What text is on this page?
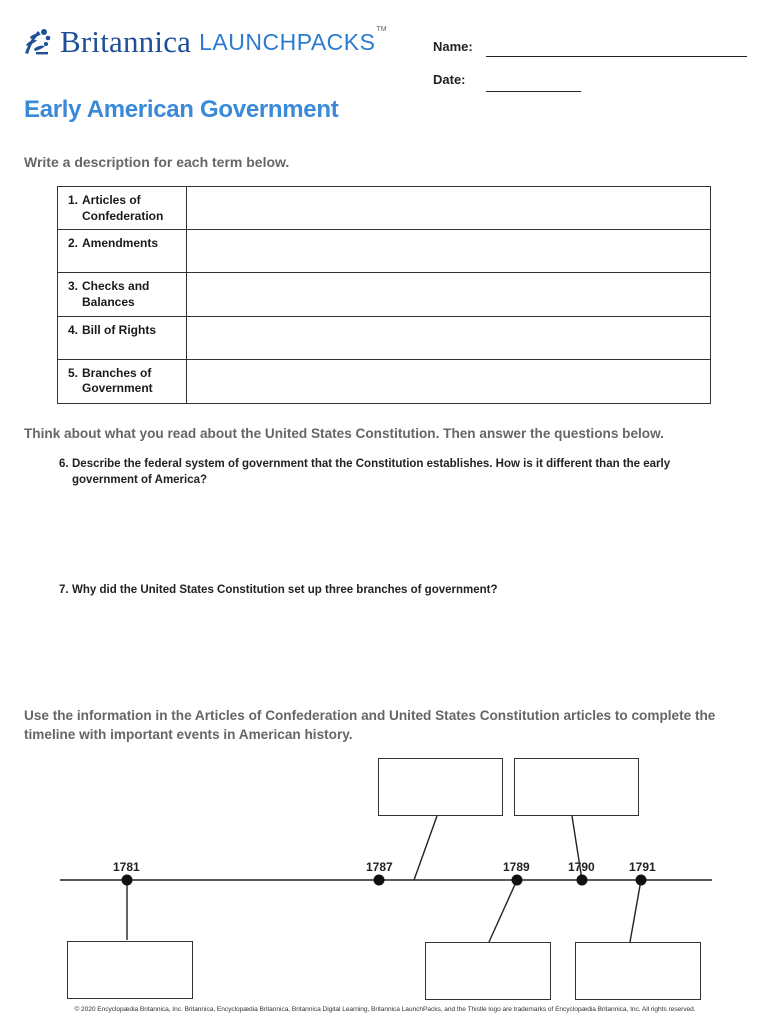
Britannica LAUNCHPACKS TM
Name:
Date:
Early American Government
Write a description for each term below.
1. Articles of Confederation
2. Amendments
3. Checks and Balances
4. Bill of Rights
5. Branches of Government
Think about what you read about the United States Constitution. Then answer the questions below.
6. Describe the federal system of government that the Constitution establishes. How is it different than the early government of America?
7. Why did the United States Constitution set up three branches of government?
Use the information in the Articles of Confederation and United States Constitution articles to complete the timeline with important events in American history.
1781	1787	1789	1790	1791
© 2020 Encyclopædia Britannica, Inc. Britannica, Encyclopædia Britannica, Britannica Digital Learning, Britannica LaunchPacks, and the Thistle logo are trademarks of Encyclopædia Britannica, Inc. All rights reserved.
